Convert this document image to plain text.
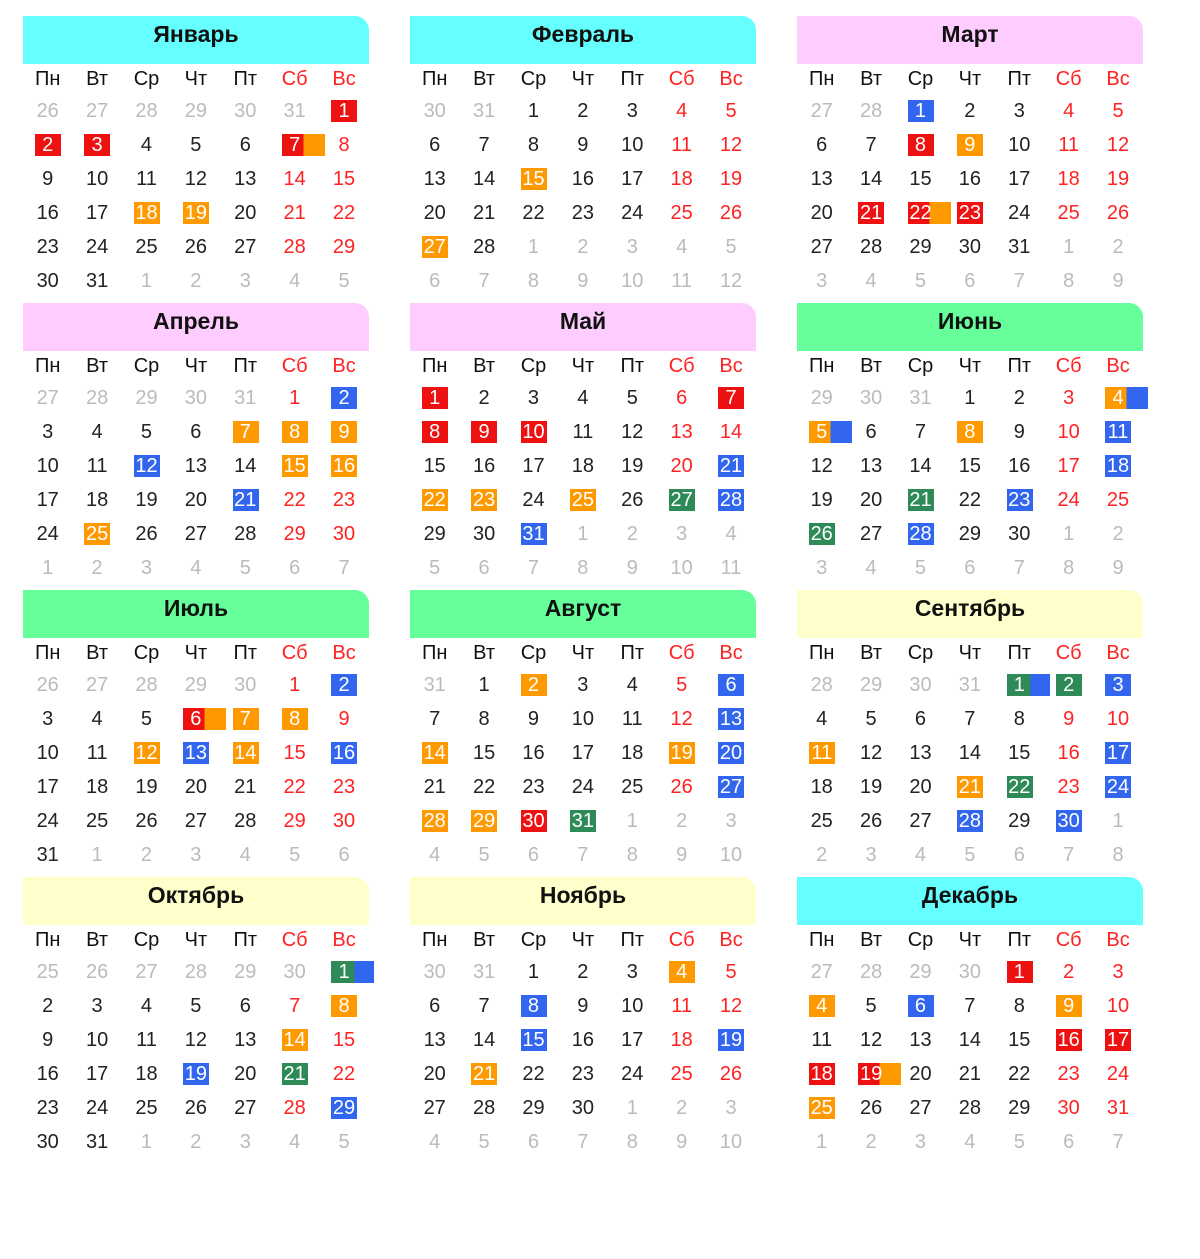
Январь
Пн	Вт	Ср	Чт	Пт	Сб	Вс
26	27	28	29	30	31	1
2	3	4	5	6	7	8
9	10	11	12	13	14	15
16	17	18	19	20	21	22
23	24	25	26	27	28	29
30	31	1	2	3	4	5
Февраль
Пн	Вт	Ср	Чт	Пт	Сб	Вс
30	31	1	2	3	4	5
6	7	8	9	10	11	12
13	14	15	16	17	18	19
20	21	22	23	24	25	26
27	28	1	2	3	4	5
6	7	8	9	10	11	12
Март
Пн	Вт	Ср	Чт	Пт	Сб	Вс
27	28	1	2	3	4	5
6	7	8	9	10	11	12
13	14	15	16	17	18	19
20	21	22	23	24	25	26
27	28	29	30	31	1	2
3	4	5	6	7	8	9
Апрель
Пн	Вт	Ср	Чт	Пт	Сб	Вс
27	28	29	30	31	1	2
3	4	5	6	7	8	9
10	11	12	13	14	15	16
17	18	19	20	21	22	23
24	25	26	27	28	29	30
1	2	3	4	5	6	7
Май
Пн	Вт	Ср	Чт	Пт	Сб	Вс
1	2	3	4	5	6	7
8	9	10	11	12	13	14
15	16	17	18	19	20	21
22	23	24	25	26	27	28
29	30	31	1	2	3	4
5	6	7	8	9	10	11
Июнь
Пн	Вт	Ср	Чт	Пт	Сб	Вс
29	30	31	1	2	3	4
5	6	7	8	9	10	11
12	13	14	15	16	17	18
19	20	21	22	23	24	25
26	27	28	29	30	1	2
3	4	5	6	7	8	9
Июль
Пн	Вт	Ср	Чт	Пт	Сб	Вс
26	27	28	29	30	1	2
3	4	5	6	7	8	9
10	11	12	13	14	15	16
17	18	19	20	21	22	23
24	25	26	27	28	29	30
31	1	2	3	4	5	6
Август
Пн	Вт	Ср	Чт	Пт	Сб	Вс
31	1	2	3	4	5	6
7	8	9	10	11	12	13
14	15	16	17	18	19	20
21	22	23	24	25	26	27
28	29	30	31	1	2	3
4	5	6	7	8	9	10
Сентябрь
Пн	Вт	Ср	Чт	Пт	Сб	Вс
28	29	30	31	1	2	3
4	5	6	7	8	9	10
11	12	13	14	15	16	17
18	19	20	21	22	23	24
25	26	27	28	29	30	1
2	3	4	5	6	7	8
Октябрь
Пн	Вт	Ср	Чт	Пт	Сб	Вс
25	26	27	28	29	30	1
2	3	4	5	6	7	8
9	10	11	12	13	14	15
16	17	18	19	20	21	22
23	24	25	26	27	28	29
30	31	1	2	3	4	5
Ноябрь
Пн	Вт	Ср	Чт	Пт	Сб	Вс
30	31	1	2	3	4	5
6	7	8	9	10	11	12
13	14	15	16	17	18	19
20	21	22	23	24	25	26
27	28	29	30	1	2	3
4	5	6	7	8	9	10
Декабрь
Пн	Вт	Ср	Чт	Пт	Сб	Вс
27	28	29	30	1	2	3
4	5	6	7	8	9	10
11	12	13	14	15	16	17
18	19	20	21	22	23	24
25	26	27	28	29	30	31
1	2	3	4	5	6	7
